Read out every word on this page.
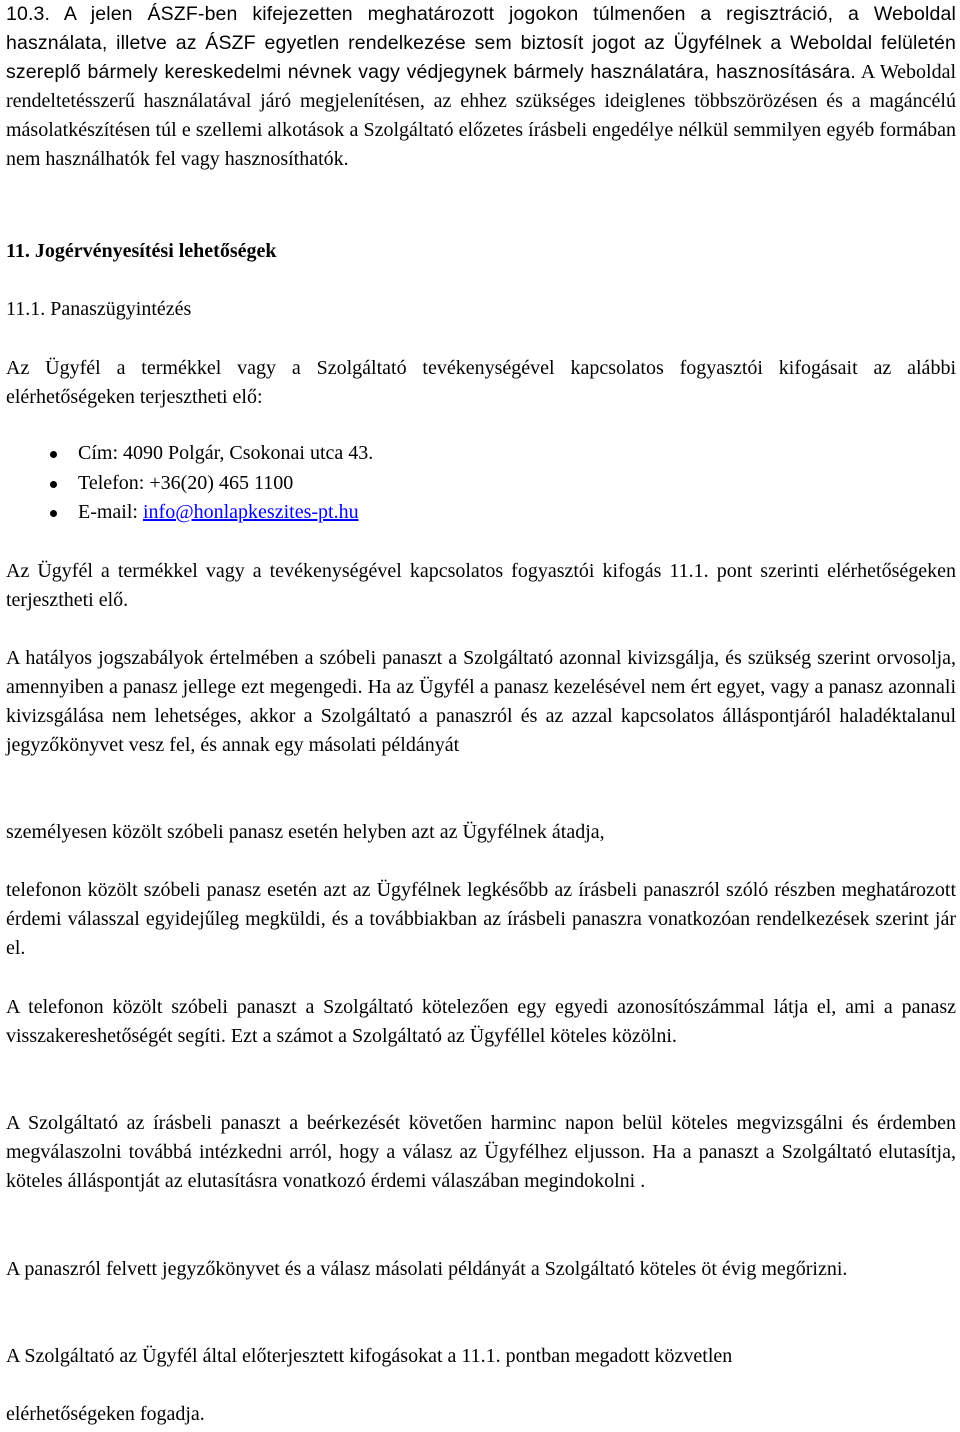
10.3. A jelen ÁSZF-ben kifejezetten meghatározott jogokon túlmenően a regisztráció, a Weboldal használata, illetve az ÁSZF egyetlen rendelkezése sem biztosít jogot az Ügyfélnek a Weboldal felületén szereplő bármely kereskedelmi névnek vagy védjegynek bármely használatára, hasznosítására. A Weboldal rendeltetésszerű használatával járó megjelenítésen, az ehhez szükséges ideiglenes többszörözésen és a magáncélú másolatkészítésen túl e szellemi alkotások a Szolgáltató előzetes írásbeli engedélye nélkül semmilyen egyéb formában nem használhatók fel vagy hasznosíthatók.

11. Jogérvényesítési lehetőségek

11.1. Panaszügyintézés

Az Ügyfél a termékkel vagy a Szolgáltató tevékenységével kapcsolatos fogyasztói kifogásait az alábbi elérhetőségeken terjesztheti elő:

Cím: 4090 Polgár, Csokonai utca 43.
Telefon: +36(20) 465 1100
E-mail: info@honlapkeszites-pt.hu

Az Ügyfél a termékkel vagy a tevékenységével kapcsolatos fogyasztói kifogás 11.1. pont szerinti elérhetőségeken terjesztheti elő.

A hatályos jogszabályok értelmében a szóbeli panaszt a Szolgáltató azonnal kivizsgálja, és szükség szerint orvosolja, amennyiben a panasz jellege ezt megengedi. Ha az Ügyfél a panasz kezelésével nem ért egyet, vagy a panasz azonnali kivizsgálása nem lehetséges, akkor a Szolgáltató a panaszról és az azzal kapcsolatos álláspontjáról haladéktalanul jegyzőkönyvet vesz fel, és annak egy másolati példányát

személyesen közölt szóbeli panasz esetén helyben azt az Ügyfélnek átadja,

telefonon közölt szóbeli panasz esetén azt az Ügyfélnek legkésőbb az írásbeli panaszról szóló részben meghatározott érdemi válasszal egyidejűleg megküldi, és a továbbiakban az írásbeli panaszra vonatkozóan rendelkezések szerint jár el.

A telefonon közölt szóbeli panaszt a Szolgáltató kötelezően egy egyedi azonosítószámmal látja el, ami a panasz visszakereshetőségét segíti. Ezt a számot a Szolgáltató az Ügyféllel köteles közölni.

A Szolgáltató az írásbeli panaszt a beérkezését követően harminc napon belül köteles megvizsgálni és érdemben megválaszolni továbbá intézkedni arról, hogy a válasz az Ügyfélhez eljusson. Ha a panaszt a Szolgáltató elutasítja, köteles álláspontját az elutasításra vonatkozó érdemi válaszában megindokolni .

A panaszról felvett jegyzőkönyvet és a válasz másolati példányát a Szolgáltató köteles öt évig megőrizni.

A Szolgáltató az Ügyfél által előterjesztett kifogásokat a 11.1. pontban megadott közvetlen

elérhetőségeken fogadja.
